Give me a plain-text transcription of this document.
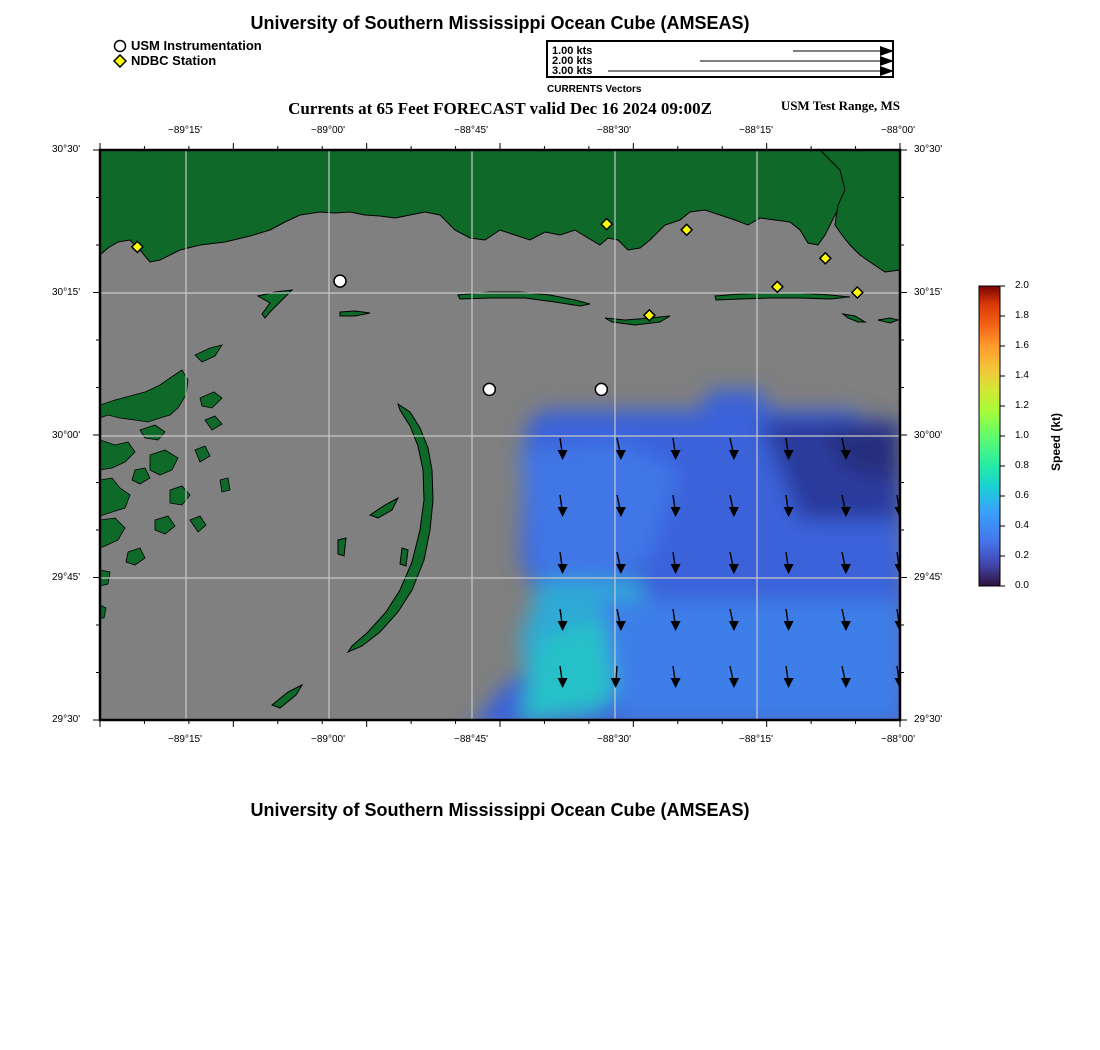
University of Southern Mississippi Ocean Cube (AMSEAS)
USM Instrumentation
NDBC Station
1.00 kts
2.00 kts
3.00 kts
CURRENTS Vectors
Currents at 65 Feet FORECAST valid Dec 16 2024 09:00Z	USM Test Range, MS
−89°15'	−89°00'	−88°45'	−88°30'	−88°15'	−88°00'
−89°15'	−89°00'	−88°45'	−88°30'	−88°15'	−88°00'
30°30'
30°15'
30°00'
29°45'
29°30'
30°30'
30°15'
30°00'
29°45'
29°30'
2.0
1.8
1.6
1.4
1.2
1.0
0.8
0.6
0.4
0.2
0.0
Speed (kt)
University of Southern Mississippi Ocean Cube (AMSEAS)
